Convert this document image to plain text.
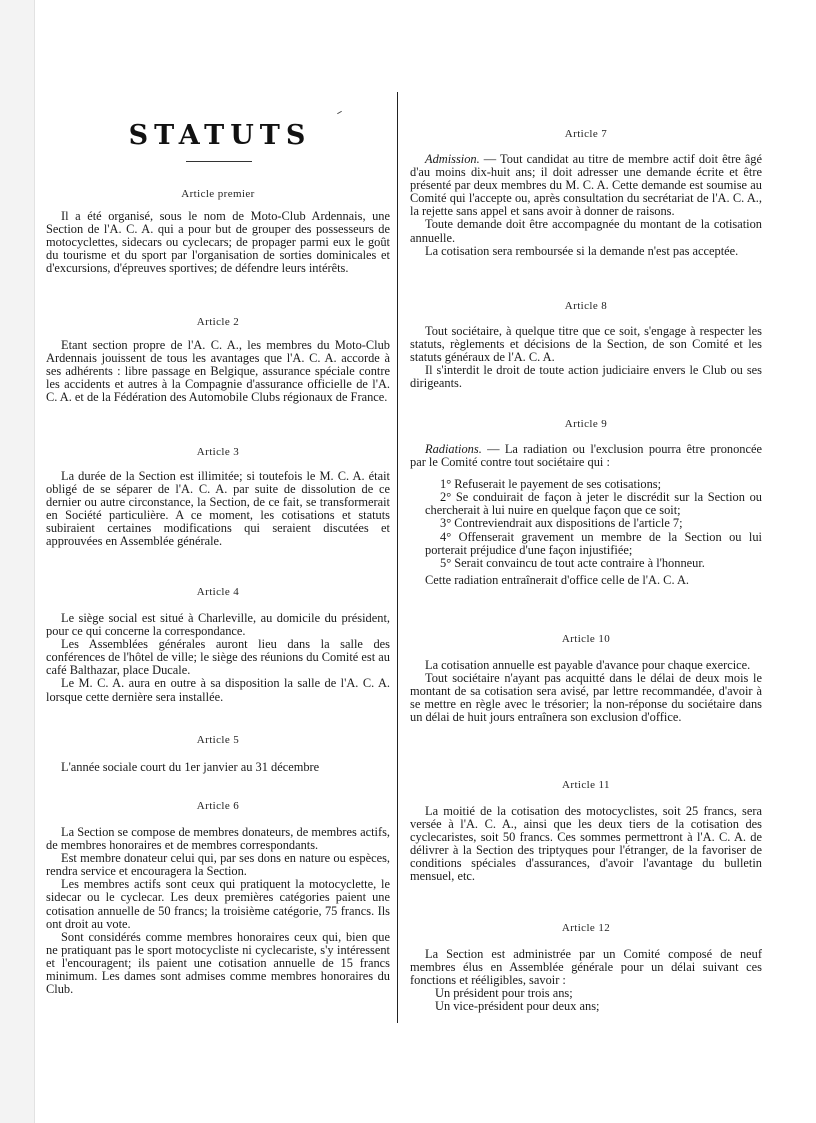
STATUTS
Article premier

Il a été organisé, sous le nom de Moto-Club Ardennais, une Section de l'A. C. A. qui a pour but de grouper des possesseurs de motocyclettes, sidecars ou cyclecars; de propager parmi eux le goût du tourisme et du sport par l'organisation de sorties dominicales et d'excursions, d'épreuves sportives; de défendre leurs intérêts.

Article 2

Etant section propre de l'A. C. A., les membres du Moto-Club Ardennais jouissent de tous les avantages que l'A. C. A. accorde à ses adhérents : libre passage en Belgique, assurance spéciale contre les accidents et autres à la Compagnie d'assurance officielle de l'A. C. A. et de la Fédération des Automobile Clubs régionaux de France.

Article 3

La durée de la Section est illimitée; si toutefois le M. C. A. était obligé de se séparer de l'A. C. A. par suite de dissolution de ce dernier ou autre circonstance, la Section, de ce fait, se transformerait en Société particulière. A ce moment, les cotisations et statuts subiraient certaines modifications qui seraient discutées et approuvées en Assemblée générale.

Article 4

Le siège social est situé à Charleville, au domicile du président, pour ce qui concerne la correspondance.

Les Assemblées générales auront lieu dans la salle des conférences de l'hôtel de ville; le siège des réunions du Comité est au café Balthazar, place Ducale.

Le M. C. A. aura en outre à sa disposition la salle de l'A. C. A. lorsque cette dernière sera installée.

Article 5

L'année sociale court du 1er janvier au 31 décembre

Article 6

La Section se compose de membres donateurs, de membres actifs, de membres honoraires et de membres correspondants.

Est membre donateur celui qui, par ses dons en nature ou espèces, rendra service et encouragera la Section.

Les membres actifs sont ceux qui pratiquent la motocyclette, le sidecar ou le cyclecar. Les deux premières catégories paient une cotisation annuelle de 50 francs; la troisième catégorie, 75 francs. Ils ont droit au vote.

Sont considérés comme membres honoraires ceux qui, bien que ne pratiquant pas le sport motocycliste ni cyclecariste, s'y intéressent et l'encouragent; ils paient une cotisation annuelle de 15 francs minimum. Les dames sont admises comme membres honoraires du Club.

Article 7

Admission. — Tout candidat au titre de membre actif doit être âgé d'au moins dix-huit ans; il doit adresser une demande écrite et être présenté par deux membres du M. C. A. Cette demande est soumise au Comité qui l'accepte ou, après consultation du secrétariat de l'A. C. A., la rejette sans appel et sans avoir à donner de raisons.

Toute demande doit être accompagnée du montant de la cotisation annuelle.

La cotisation sera remboursée si la demande n'est pas acceptée.

Article 8

Tout sociétaire, à quelque titre que ce soit, s'engage à respecter les statuts, règlements et décisions de la Section, de son Comité et les statuts généraux de l'A. C. A.

Il s'interdit le droit de toute action judiciaire envers le Club ou ses dirigeants.

Article 9

Radiations. — La radiation ou l'exclusion pourra être prononcée par le Comité contre tout sociétaire qui :

1° Refuserait le payement de ses cotisations;

2° Se conduirait de façon à jeter le discrédit sur la Section ou chercherait à lui nuire en quelque façon que ce soit;

3° Contreviendrait aux dispositions de l'article 7;

4° Offenserait gravement un membre de la Section ou lui porterait préjudice d'une façon injustifiée;

5° Serait convaincu de tout acte contraire à l'honneur.

Cette radiation entraînerait d'office celle de l'A. C. A.

Article 10

La cotisation annuelle est payable d'avance pour chaque exercice.

Tout sociétaire n'ayant pas acquitté dans le délai de deux mois le montant de sa cotisation sera avisé, par lettre recommandée, d'avoir à se mettre en règle avec le trésorier; la non-réponse du sociétaire dans un délai de huit jours entraînera son exclusion d'office.

Article 11

La moitié de la cotisation des motocyclistes, soit 25 francs, sera versée à l'A. C. A., ainsi que les deux tiers de la cotisation des cyclecaristes, soit 50 francs. Ces sommes permettront à l'A. C. A. de délivrer à la Section des triptyques pour l'étranger, de la favoriser de conditions spéciales d'assurances, d'avoir l'avantage du bulletin mensuel, etc.

Article 12

La Section est administrée par un Comité composé de neuf membres élus en Assemblée générale pour un délai suivant ces fonctions et rééligibles, savoir :

Un président pour trois ans;

Un vice-président pour deux ans;
